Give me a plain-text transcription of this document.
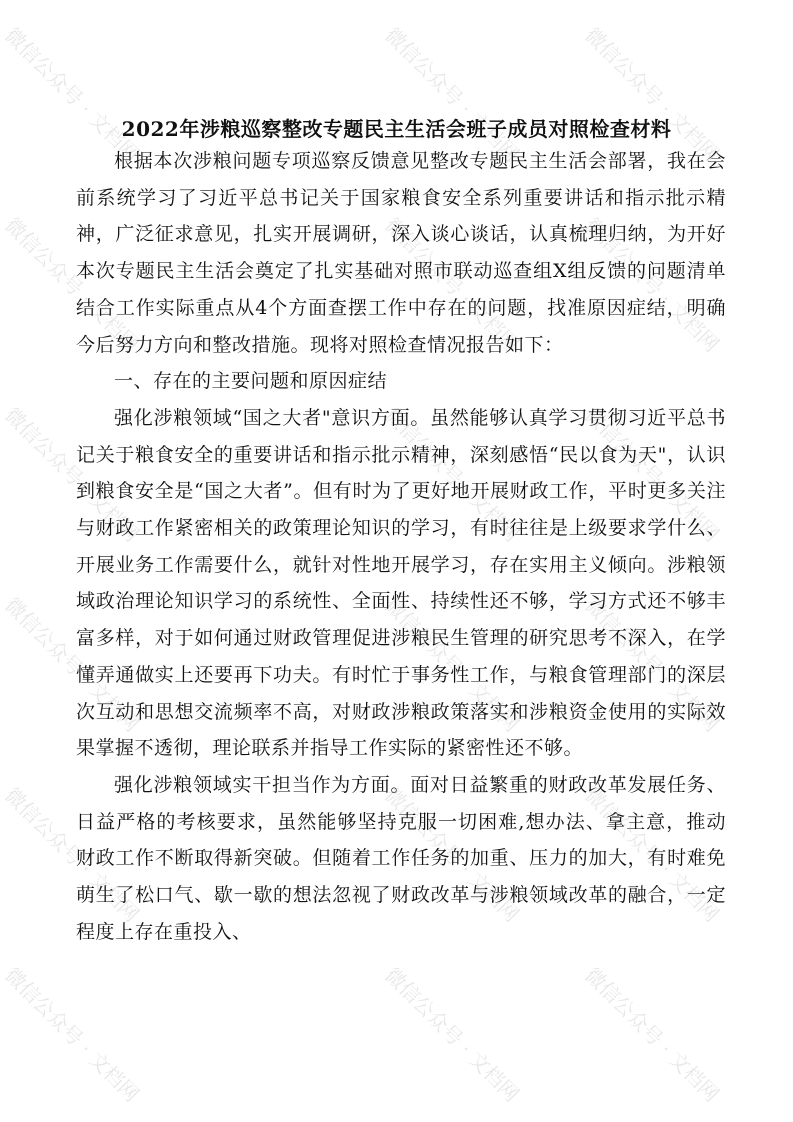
微信公众号 · 文档网	微信公众号 · 文档网	微信公众号 · 文档网
微信公众号 · 文档网	微信公众号 · 文档网	微信公众号 · 文档网
微信公众号 · 文档网	微信公众号 · 文档网	微信公众号 · 文档网
微信公众号 · 文档网	微信公众号 · 文档网	微信公众号 · 文档网
微信公众号 · 文档网	微信公众号 · 文档网	微信公众号 · 文档网
微信公众号 · 文档网	微信公众号 · 文档网	微信公众号 · 文档网
2022年涉粮巡察整改专题民主生活会班子成员对照检查材料

根据本次涉粮问题专项巡察反馈意见整改专题民主生活会部署，我在会前系统学习了习近平总书记关于国家粮食安全系列重要讲话和指示批示精神，广泛征求意见，扎实开展调研，深入谈心谈话，认真梳理归纳，为开好本次专题民主生活会奠定了扎实基础对照市联动巡查组X组反馈的问题清单结合工作实际重点从4个方面查摆工作中存在的问题，找准原因症结，明确今后努力方向和整改措施。现将对照检查情况报告如下：

一、存在的主要问题和原因症结

强化涉粮领域“国之大者"意识方面。虽然能够认真学习贯彻习近平总书记关于粮食安全的重要讲话和指示批示精神，深刻感悟“民以食为天"，认识到粮食安全是“国之大者”。但有时为了更好地开展财政工作，平时更多关注与财政工作紧密相关的政策理论知识的学习，有时往往是上级要求学什么、开展业务工作需要什么，就针对性地开展学习，存在实用主义倾向。涉粮领域政治理论知识学习的系统性、全面性、持续性还不够，学习方式还不够丰富多样，对于如何通过财政管理促进涉粮民生管理的研究思考不深入，在学懂弄通做实上还要再下功夫。有时忙于事务性工作，与粮食管理部门的深层次互动和思想交流频率不高，对财政涉粮政策落实和涉粮资金使用的实际效果掌握不透彻，理论联系并指导工作实际的紧密性还不够。

强化涉粮领域实干担当作为方面。面对日益繁重的财政改革发展任务、日益严格的考核要求，虽然能够坚持克服一切困难,想办法、拿主意，推动财政工作不断取得新突破。但随着工作任务的加重、压力的加大，有时难免萌生了松口气、歇一歇的想法忽视了财政改革与涉粮领域改革的融合，一定程度上存在重投入、
